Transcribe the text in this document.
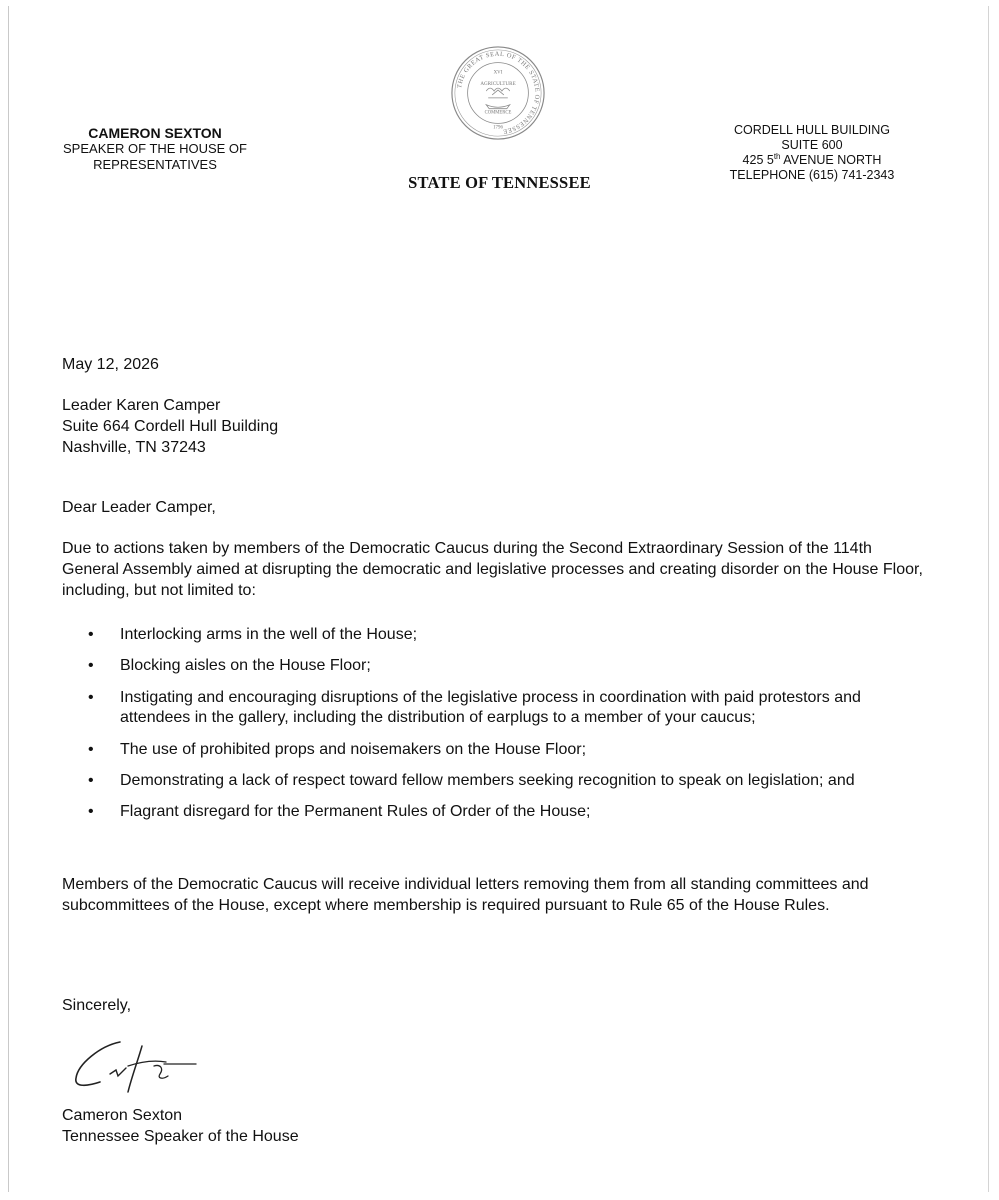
THE GREAT SEAL OF THE STATE OF TENNESSEE
XVI
AGRICULTURE
COMMERCE
1796
CAMERON SEXTON
SPEAKER OF THE HOUSE OF
REPRESENTATIVES
STATE OF TENNESSEE
CORDELL HULL BUILDING
SUITE 600
425 5th AVENUE NORTH
TELEPHONE (615) 741-2343
May 12, 2026
Leader Karen Camper
Suite 664 Cordell Hull Building
Nashville, TN 37243
Dear Leader Camper,
Due to actions taken by members of the Democratic Caucus during the Second Extraordinary Session of the 114th General Assembly aimed at disrupting the democratic and legislative processes and creating disorder on the House Floor, including, but not limited to:
• Interlocking arms in the well of the House;
• Blocking aisles on the House Floor;
• Instigating and encouraging disruptions of the legislative process in coordination with paid protestors and attendees in the gallery, including the distribution of earplugs to a member of your caucus;
• The use of prohibited props and noisemakers on the House Floor;
• Demonstrating a lack of respect toward fellow members seeking recognition to speak on legislation; and
• Flagrant disregard for the Permanent Rules of Order of the House;
Members of the Democratic Caucus will receive individual letters removing them from all standing committees and subcommittees of the House, except where membership is required pursuant to Rule 65 of the House Rules.
Sincerely,
Cameron Sexton
Tennessee Speaker of the House
